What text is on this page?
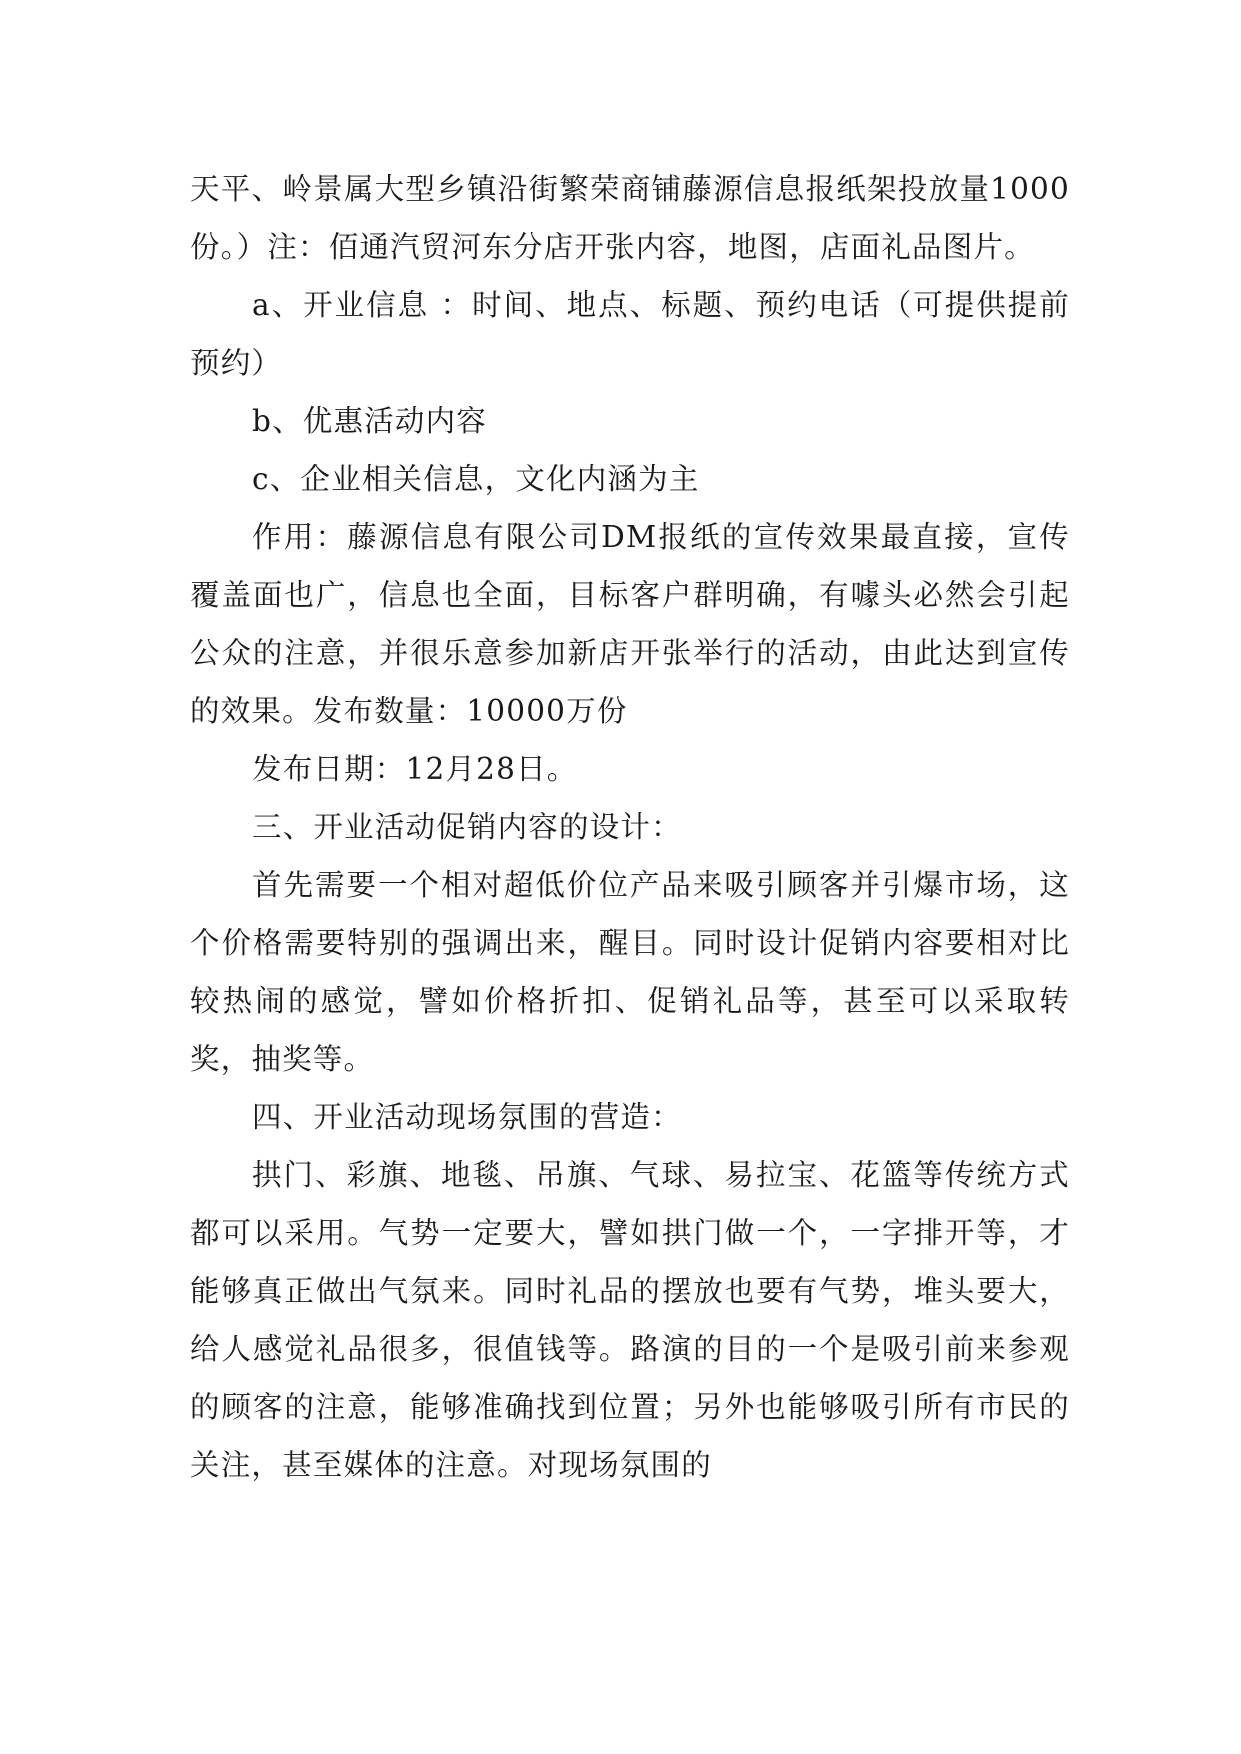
天平、岭景属大型乡镇沿街繁荣商铺藤源信息报纸架投放量1000份。）注：佰通汽贸河东分店开张内容，地图，店面礼品图片。

a、开业信息 ：时间、地点、标题、预约电话（可提供提前预约）

b、优惠活动内容

c、企业相关信息，文化内涵为主

作用：藤源信息有限公司DM报纸的宣传效果最直接，宣传覆盖面也广，信息也全面，目标客户群明确，有噱头必然会引起公众的注意，并很乐意参加新店开张举行的活动，由此达到宣传的效果。发布数量：10000万份

发布日期：12月28日。

三、开业活动促销内容的设计：

首先需要一个相对超低价位产品来吸引顾客并引爆市场，这个价格需要特别的强调出来，醒目。同时设计促销内容要相对比较热闹的感觉，譬如价格折扣、促销礼品等，甚至可以采取转奖，抽奖等。

四、开业活动现场氛围的营造：

拱门、彩旗、地毯、吊旗、气球、易拉宝、花篮等传统方式都可以采用。气势一定要大，譬如拱门做一个，一字排开等，才能够真正做出气氛来。同时礼品的摆放也要有气势，堆头要大，给人感觉礼品很多，很值钱等。路演的目的一个是吸引前来参观的顾客的注意，能够准确找到位置；另外也能够吸引所有市民的关注，甚至媒体的注意。对现场氛围的
